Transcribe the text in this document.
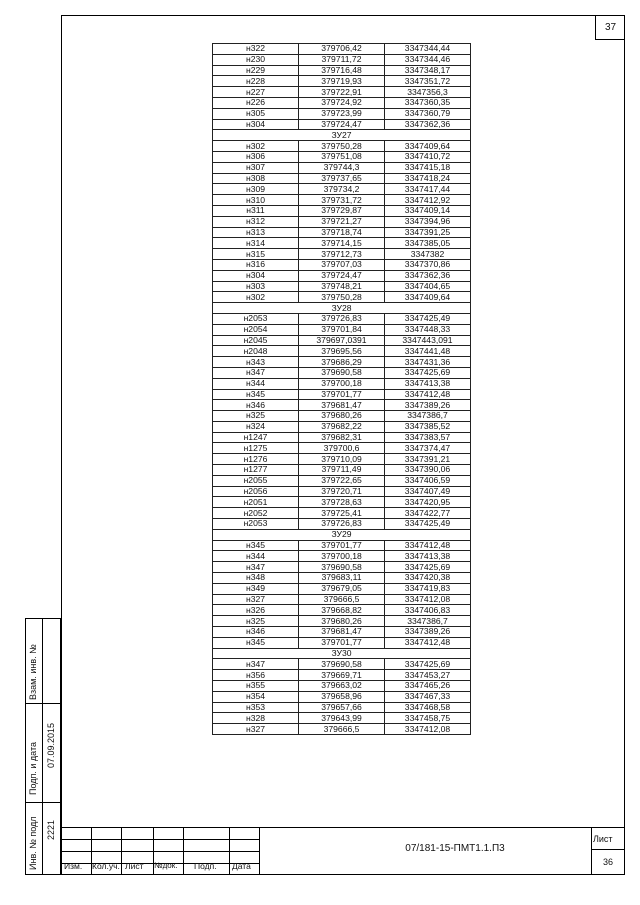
37
н322	379706,42	3347344,44
н230	379711,72	3347344,46
н229	379716,48	3347348,17
н228	379719,93	3347351,72
н227	379722,91	3347356,3
н226	379724,92	3347360,35
н305	379723,99	3347360,79
н304	379724,47	3347362,36
ЗУ27		
н302	379750,28	3347409,64
н306	379751,08	3347410,72
н307	379744,3	3347415,18
н308	379737,65	3347418,24
н309	379734,2	3347417,44
н310	379731,72	3347412,92
н311	379729,87	3347409,14
н312	379721,27	3347394,96
н313	379718,74	3347391,25
н314	379714,15	3347385,05
н315	379712,73	3347382
н316	379707,03	3347370,86
н304	379724,47	3347362,36
н303	379748,21	3347404,65
н302	379750,28	3347409,64
ЗУ28		
н2053	379726,83	3347425,49
н2054	379701,84	3347448,33
н2045	379697,0391	3347443,091
н2048	379695,56	3347441,48
н343	379686,29	3347431,36
н347	379690,58	3347425,69
н344	379700,18	3347413,38
н345	379701,77	3347412,48
н346	379681,47	3347389,26
н325	379680,26	3347386,7
н324	379682,22	3347385,52
н1247	379682,31	3347383,57
н1275	379700,6	3347374,47
н1276	379710,09	3347391,21
н1277	379711,49	3347390,06
н2055	379722,65	3347406,59
н2056	379720,71	3347407,49
н2051	379728,63	3347420,95
н2052	379725,41	3347422,77
н2053	379726,83	3347425,49
ЗУ29		
н345	379701,77	3347412,48
н344	379700,18	3347413,38
н347	379690,58	3347425,69
н348	379683,11	3347420,38
н349	379679,05	3347419,83
н327	379666,5	3347412,08
н326	379668,82	3347406,83
н325	379680,26	3347386,7
н346	379681,47	3347389,26
н345	379701,77	3347412,48
ЗУ30		
н347	379690,58	3347425,69
н356	379669,71	3347453,27
н355	379663,02	3347465,26
н354	379658,96	3347467,33
н353	379657,66	3347468,58
н328	379643,99	3347458,75
н327	379666,5	3347412,08
Взам. инв. №
Подп. и дата 07.09.2015
Инв. № подл 2221
Изм. Кол.уч. Лист №док. Подп. Дата
07/181-15-ПМТ1.1.П3
Лист
36
